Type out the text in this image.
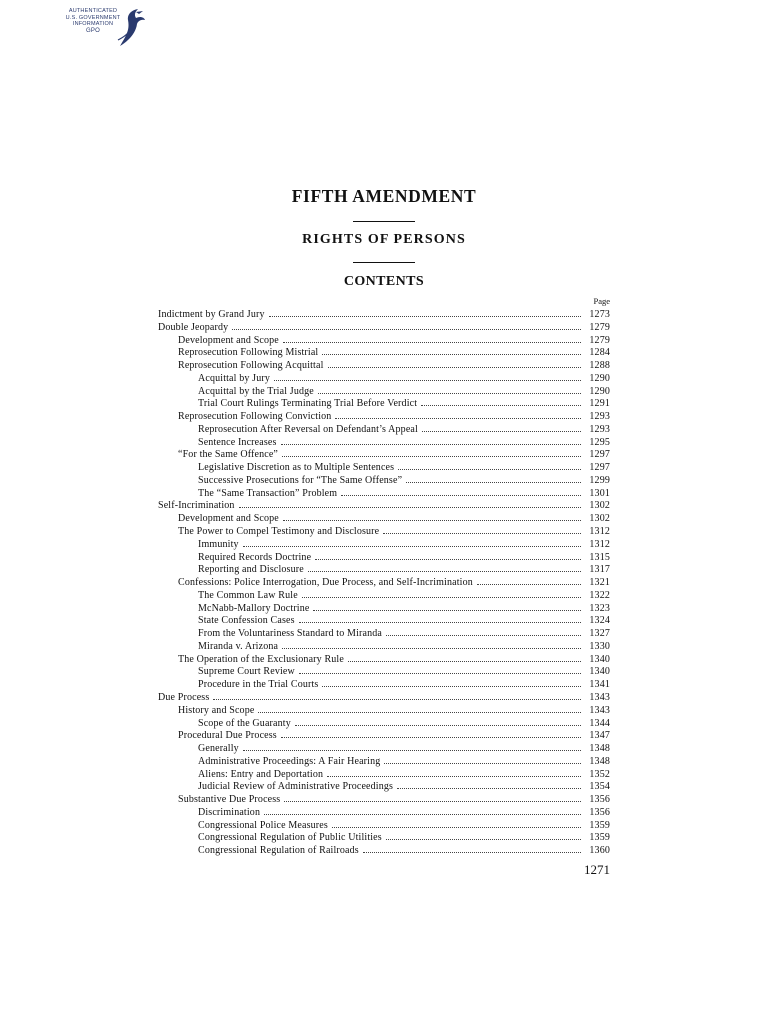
AUTHENTICATED
U.S. GOVERNMENT
INFORMATION
GPO
FIFTH AMENDMENT
RIGHTS OF PERSONS
CONTENTS
Page
Indictment by Grand Jury	1273
Double Jeopardy	1279
Development and Scope	1279
Reprosecution Following Mistrial	1284
Reprosecution Following Acquittal	1288
Acquittal by Jury	1290
Acquittal by the Trial Judge	1290
Trial Court Rulings Terminating Trial Before Verdict	1291
Reprosecution Following Conviction	1293
Reprosecution After Reversal on Defendant’s Appeal	1293
Sentence Increases	1295
“For the Same Offence”	1297
Legislative Discretion as to Multiple Sentences	1297
Successive Prosecutions for “The Same Offense”	1299
The “Same Transaction” Problem	1301
Self-Incrimination	1302
Development and Scope	1302
The Power to Compel Testimony and Disclosure	1312
Immunity	1312
Required Records Doctrine	1315
Reporting and Disclosure	1317
Confessions: Police Interrogation, Due Process, and Self-Incrimination	1321
The Common Law Rule	1322
McNabb-Mallory Doctrine	1323
State Confession Cases	1324
From the Voluntariness Standard to Miranda	1327
Miranda v. Arizona	1330
The Operation of the Exclusionary Rule	1340
Supreme Court Review	1340
Procedure in the Trial Courts	1341
Due Process	1343
History and Scope	1343
Scope of the Guaranty	1344
Procedural Due Process	1347
Generally	1348
Administrative Proceedings: A Fair Hearing	1348
Aliens: Entry and Deportation	1352
Judicial Review of Administrative Proceedings	1354
Substantive Due Process	1356
Discrimination	1356
Congressional Police Measures	1359
Congressional Regulation of Public Utilities	1359
Congressional Regulation of Railroads	1360
1271
